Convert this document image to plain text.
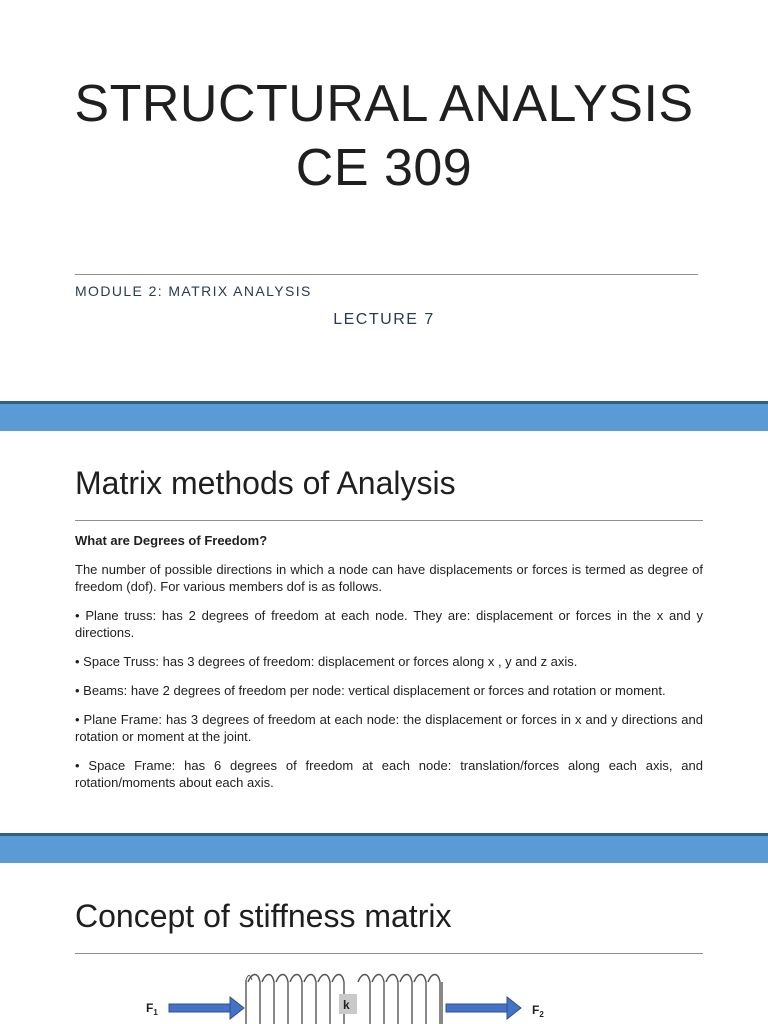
STRUCTURAL ANALYSIS
CE 309
MODULE 2: MATRIX ANALYSIS
LECTURE 7
Matrix methods of Analysis

What are Degrees of Freedom?

The number of possible directions in which a node can have displacements or forces is termed as degree of freedom (dof). For various members dof is as follows.

• Plane truss: has 2 degrees of freedom at each node. They are: displacement or forces in the x and y directions.

• Space Truss: has 3 degrees of freedom: displacement or forces along x , y and z axis.

• Beams: have 2 degrees of freedom per node: vertical displacement or forces and rotation or moment.

• Plane Frame: has 3 degrees of freedom at each node: the displacement or forces in x and y directions and rotation or moment at the joint.

• Space Frame: has 6 degrees of freedom at each node: translation/forces along each axis, and rotation/moments about each axis.

Concept of stiffness matrix
$F_1$
k	$F_2$
